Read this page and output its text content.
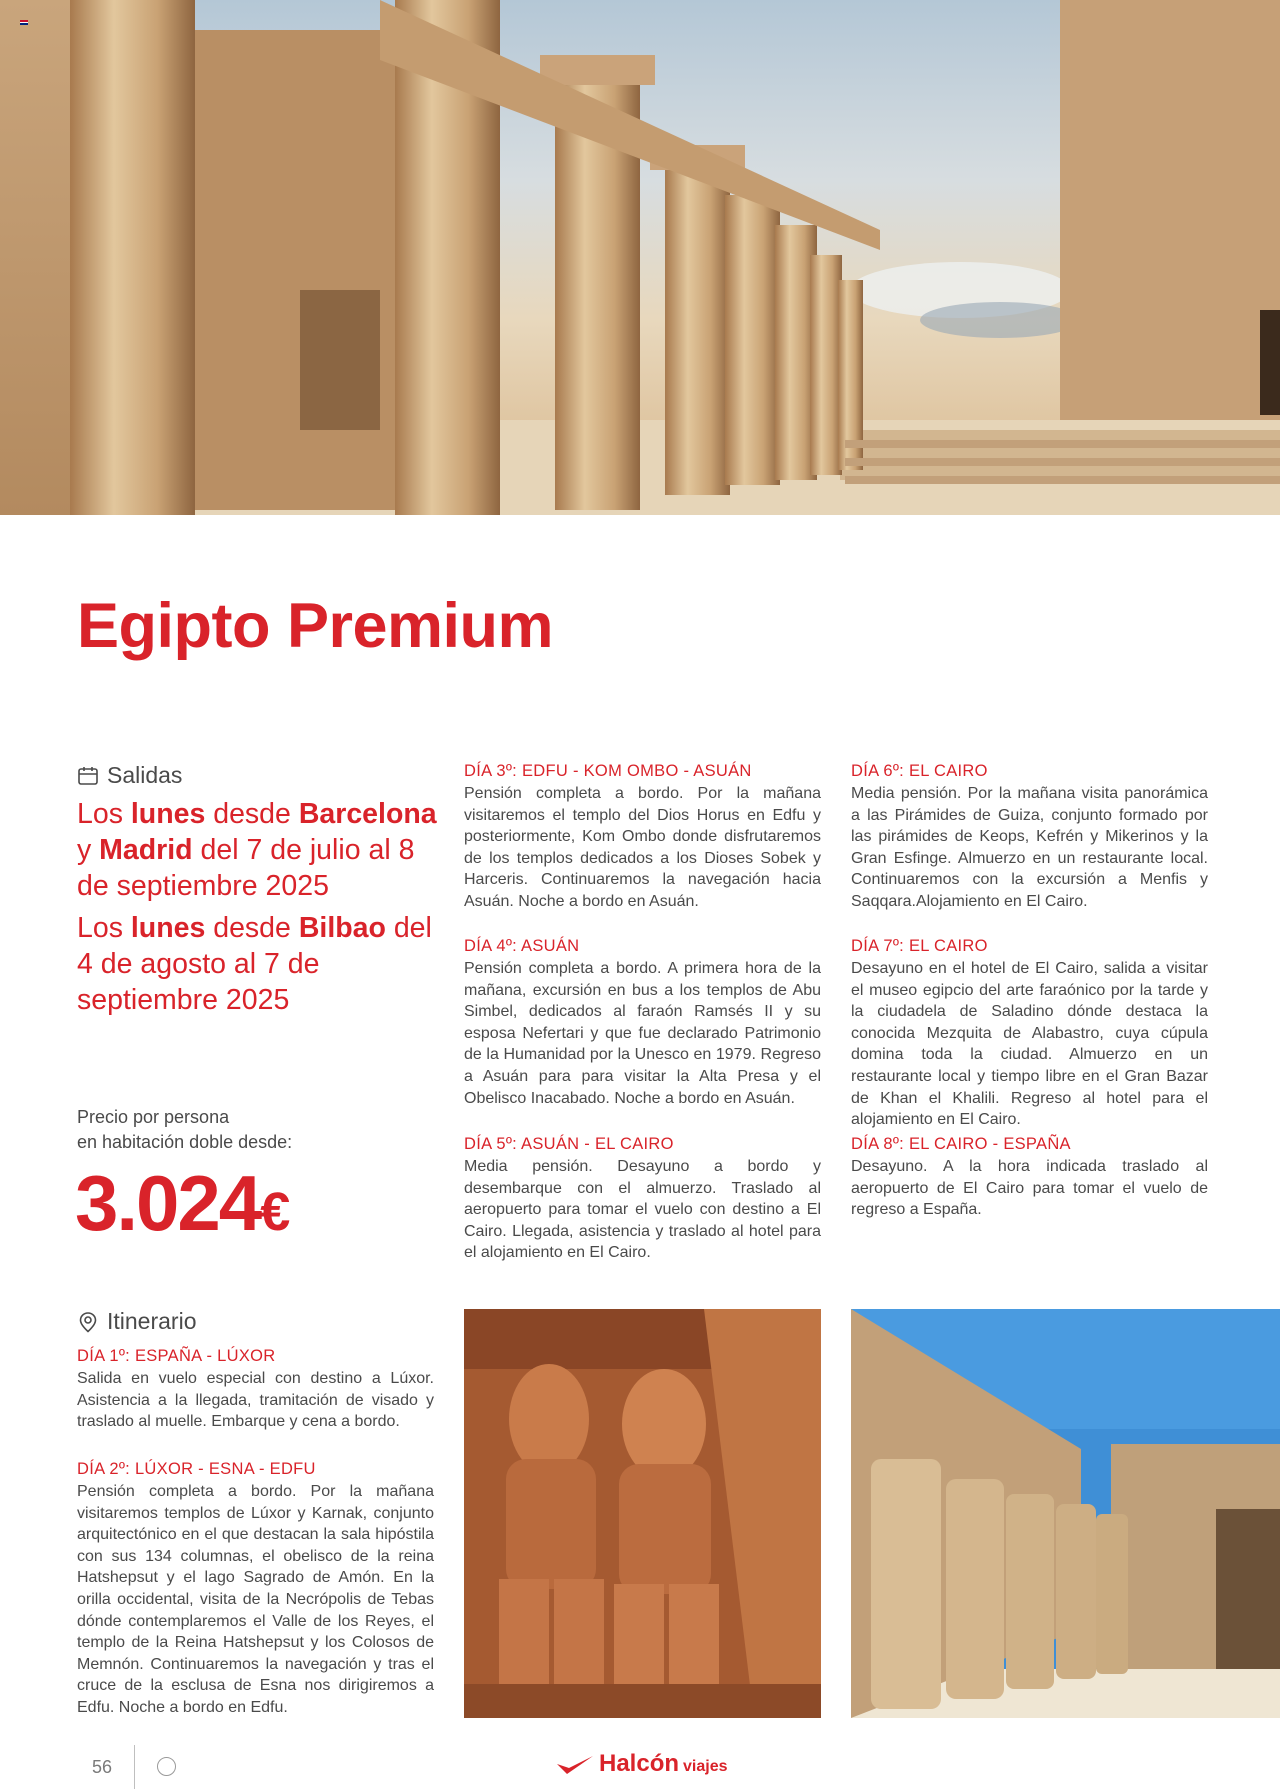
Egipto Premium
Salidas
Los lunes desde Barcelona y Madrid del 7 de julio al 8 de septiembre 2025
Los lunes desde Bilbao del 4 de agosto al 7 de septiembre 2025
Precio por persona
en habitación doble desde:
3.024€
Itinerario
DÍA 1º: ESPAÑA - LÚXOR

Salida en vuelo especial con destino a Lúxor. Asistencia a la llegada, tramitación de visado y traslado al muelle. Embarque y cena a bordo.

DÍA 2º: LÚXOR - ESNA - EDFU

Pensión completa a bordo. Por la mañana visitaremos templos de Lúxor y Karnak, conjunto arquitectónico en el que destacan la sala hipóstila con sus 134 columnas, el obelisco de la reina Hatshepsut y el lago Sagrado de Amón. En la orilla occidental, visita de la Necrópolis de Tebas dónde contemplaremos el Valle de los Reyes, el templo de la Reina Hatshepsut y los Colosos de Memnón. Continuaremos la navegación y tras el cruce de la esclusa de Esna nos dirigiremos a Edfu. Noche a bordo en Edfu.

DÍA 3º: EDFU - KOM OMBO - ASUÁN

Pensión completa a bordo. Por la mañana visitaremos el templo del Dios Horus en Edfu y posteriormente, Kom Ombo donde disfrutaremos de los templos dedicados a los Dioses Sobek y Harceris. Continuaremos la navegación hacia Asuán. Noche a bordo en Asuán.

DÍA 4º: ASUÁN

Pensión completa a bordo. A primera hora de la mañana, excursión en bus a los templos de Abu Simbel, dedicados al faraón Ramsés II y su esposa Nefertari y que fue declarado Patrimonio de la Humanidad por la Unesco en 1979. Regreso a Asuán para para visitar la Alta Presa y el Obelisco Inacabado. Noche a bordo en Asuán.

DÍA 5º: ASUÁN - EL CAIRO

Media pensión. Desayuno a bordo y desembarque con el almuerzo. Traslado al aeropuerto para tomar el vuelo con destino a El Cairo. Llegada, asistencia y traslado al hotel para el alojamiento en El Cairo.

DÍA 6º: EL CAIRO

Media pensión. Por la mañana visita panorámica a las Pirámides de Guiza, conjunto formado por las pirámides de Keops, Kefrén y Mikerinos y la Gran Esfinge. Almuerzo en un restaurante local. Continuaremos con la excursión a Menfis y Saqqara.Alojamiento en El Cairo.

DÍA 7º: EL CAIRO

Desayuno en el hotel de El Cairo, salida a visitar el museo egipcio del arte faraónico por la tarde y la ciudadela de Saladino dónde destaca la conocida Mezquita de Alabastro, cuya cúpula domina toda la ciudad. Almuerzo en un restaurante local y tiempo libre en el Gran Bazar de Khan el Khalili. Regreso al hotel para el alojamiento en El Cairo.

DÍA 8º: EL CAIRO - ESPAÑA

Desayuno. A la hora indicada traslado al aeropuerto de El Cairo para tomar el vuelo de regreso a España.

56	Halcón viajes
